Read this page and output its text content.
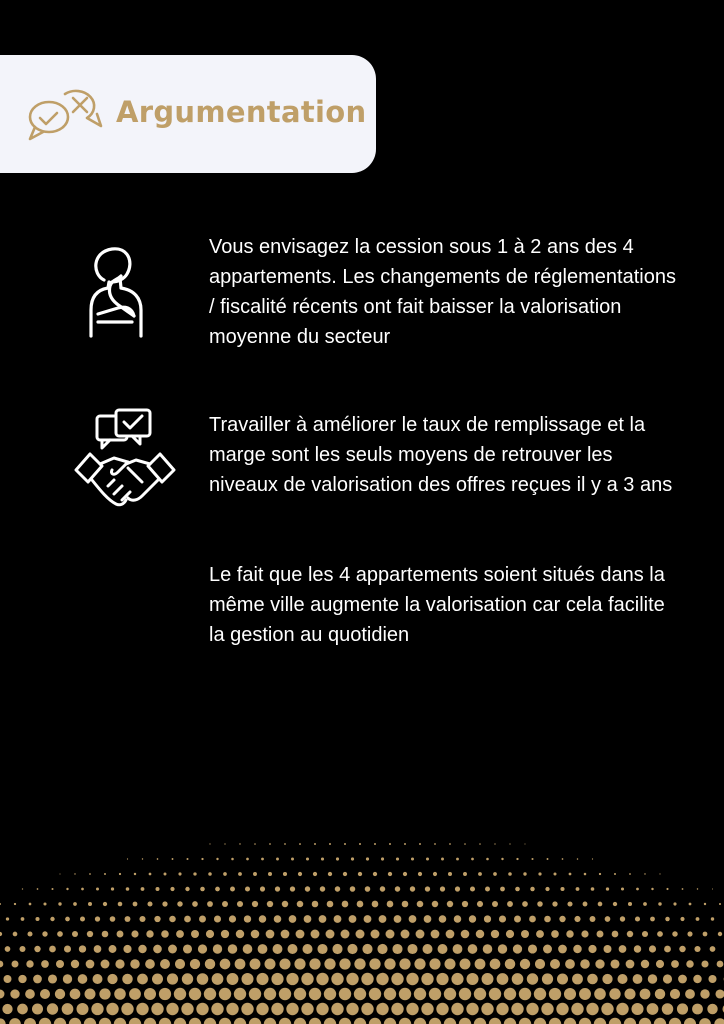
Argumentation

Vous envisagez la cession sous 1 à 2 ans des 4 appartements. Les changements de réglementations / fiscalité récents ont fait baisser la valorisation moyenne du secteur

Travailler à améliorer le taux de remplissage et la marge sont les seuls moyens de retrouver les niveaux de valorisation des offres reçues il y a 3 ans

Le fait que les 4 appartements soient situés dans la même ville augmente la valorisation car cela facilite la gestion au quotidien
